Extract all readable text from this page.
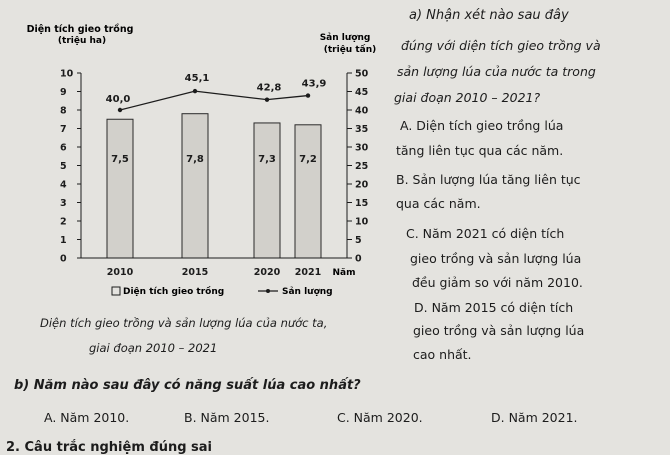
0
1
2
3
4
5
6
7
8
9
10
0
5
10
15
20
25
30
35
40
45
50
7,5	7,8	7,3 7,2
40,0
45,1
42,8 43,9
2010	2015	2020 2021
Diện tích gieo trồng
(triệu ha)	Sản lượng
(triệu tấn)
Năm
Diện tích gieo trồng	Sản lượng
Diện tích gieo trồng và sản lượng lúa của nước ta,
giai đoạn 2010 – 2021
a) Nhận xét nào sau đây
đúng với diện tích gieo trồng và
sản lượng lúa của nước ta trong
giai đoạn 2010 – 2021?
A. Diện tích gieo trồng lúa
tăng liên tục qua các năm.
B. Sản lượng lúa tăng liên tục
qua các năm.
C. Năm 2021 có diện tích
gieo trồng và sản lượng lúa
đều giảm so với năm 2010.
D. Năm 2015 có diện tích
gieo trồng và sản lượng lúa
cao nhất.
b) Năm nào sau đây có năng suất lúa cao nhất?
A. Năm 2010.	B. Năm 2015.	C. Năm 2020.	D. Năm 2021.
2. Câu trắc nghiệm đúng sai
